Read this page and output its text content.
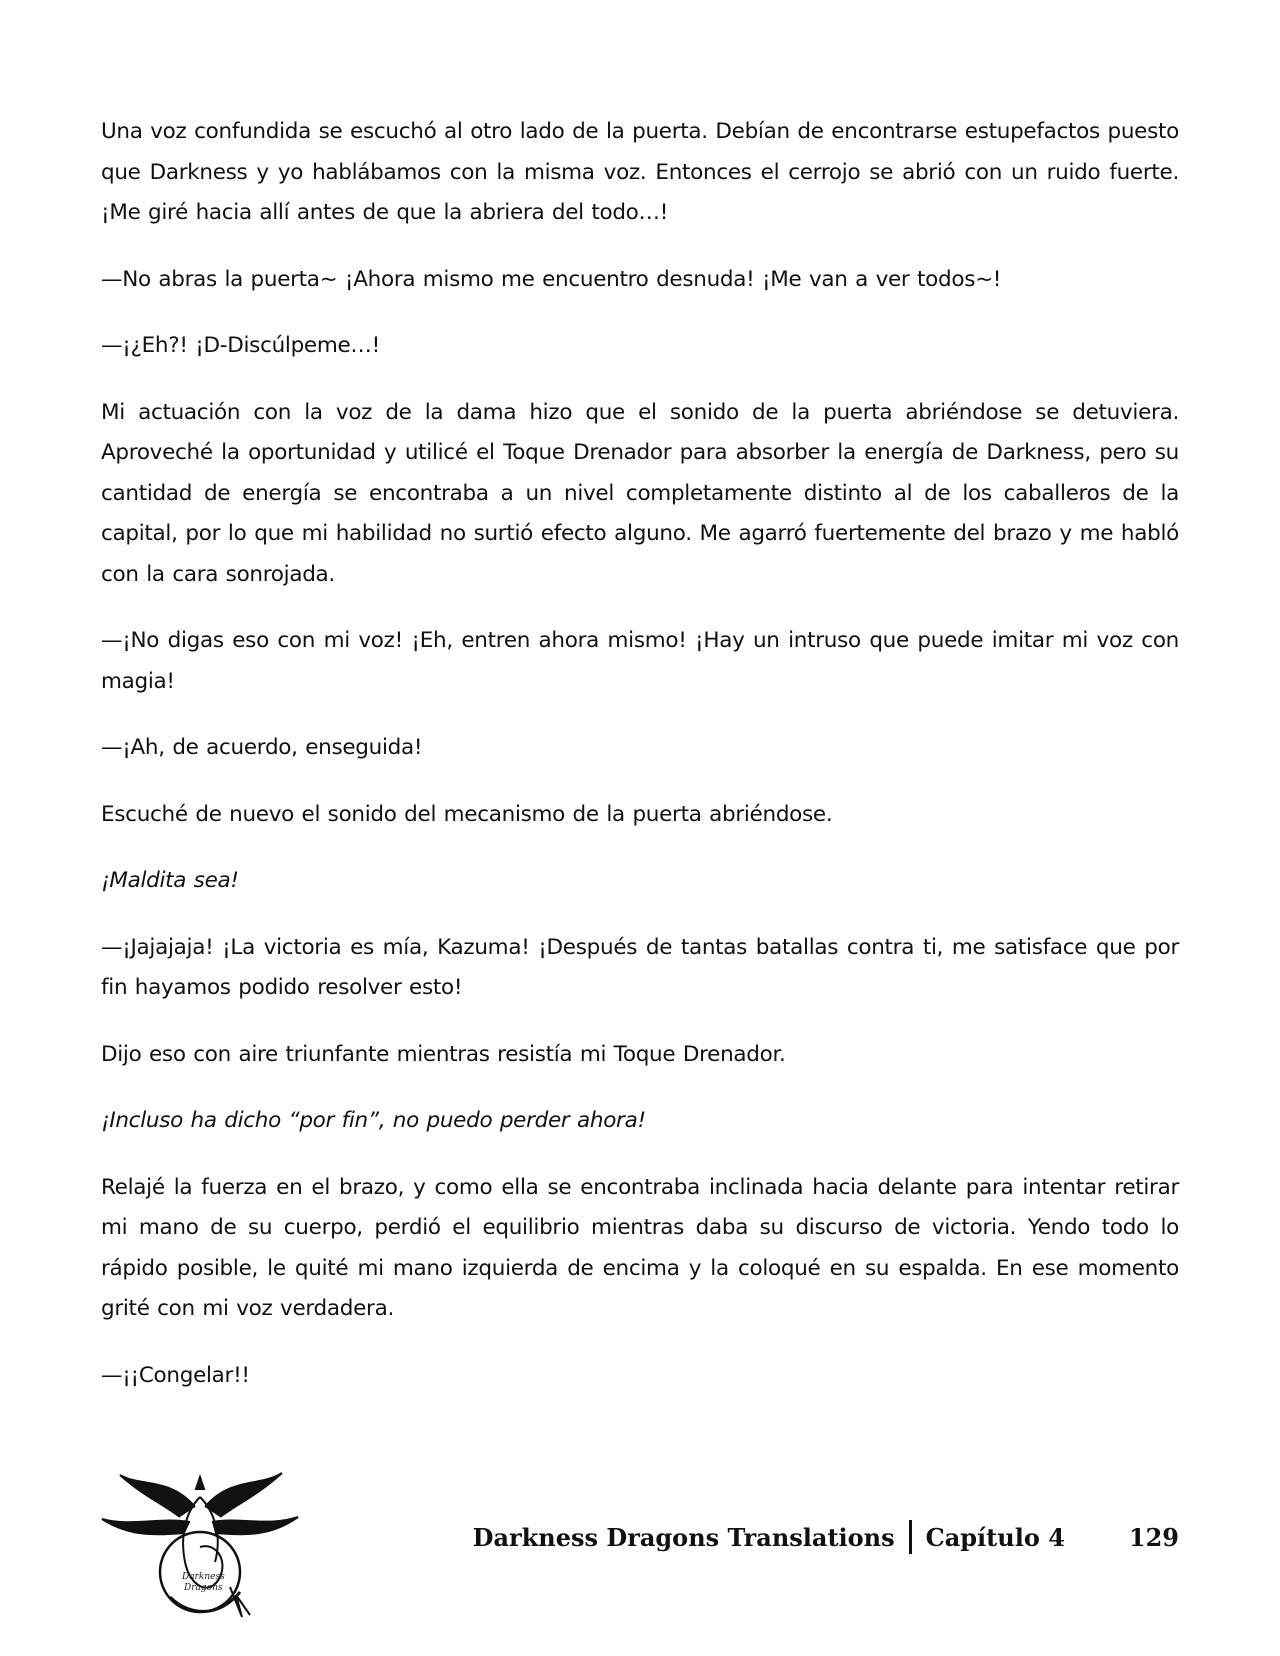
Una voz confundida se escuchó al otro lado de la puerta. Debían de encontrarse estupefactos puesto que Darkness y yo hablábamos con la misma voz. Entonces el cerrojo se abrió con un ruido fuerte. ¡Me giré hacia allí antes de que la abriera del todo…!

—No abras la puerta~ ¡Ahora mismo me encuentro desnuda! ¡Me van a ver todos~!

—¡¿Eh?! ¡D-Discúlpeme…!

Mi actuación con la voz de la dama hizo que el sonido de la puerta abriéndose se detuviera. Aproveché la oportunidad y utilicé el Toque Drenador para absorber la energía de Darkness, pero su cantidad de energía se encontraba a un nivel completamente distinto al de los caballeros de la capital, por lo que mi habilidad no surtió efecto alguno. Me agarró fuertemente del brazo y me habló con la cara sonrojada.

—¡No digas eso con mi voz! ¡Eh, entren ahora mismo! ¡Hay un intruso que puede imitar mi voz con magia!

—¡Ah, de acuerdo, enseguida!

Escuché de nuevo el sonido del mecanismo de la puerta abriéndose.

¡Maldita sea!

—¡Jajajaja! ¡La victoria es mía, Kazuma! ¡Después de tantas batallas contra ti, me satisface que por fin hayamos podido resolver esto!

Dijo eso con aire triunfante mientras resistía mi Toque Drenador.

¡Incluso ha dicho “por fin”, no puedo perder ahora!

Relajé la fuerza en el brazo, y como ella se encontraba inclinada hacia delante para intentar retirar mi mano de su cuerpo, perdió el equilibrio mientras daba su discurso de victoria. Yendo todo lo rápido posible, le quité mi mano izquierda de encima y la coloqué en su espalda. En ese momento grité con mi voz verdadera.

—¡¡Congelar!!

Darkness
Dragons
Darkness Dragons Translations Capítulo 4	129
